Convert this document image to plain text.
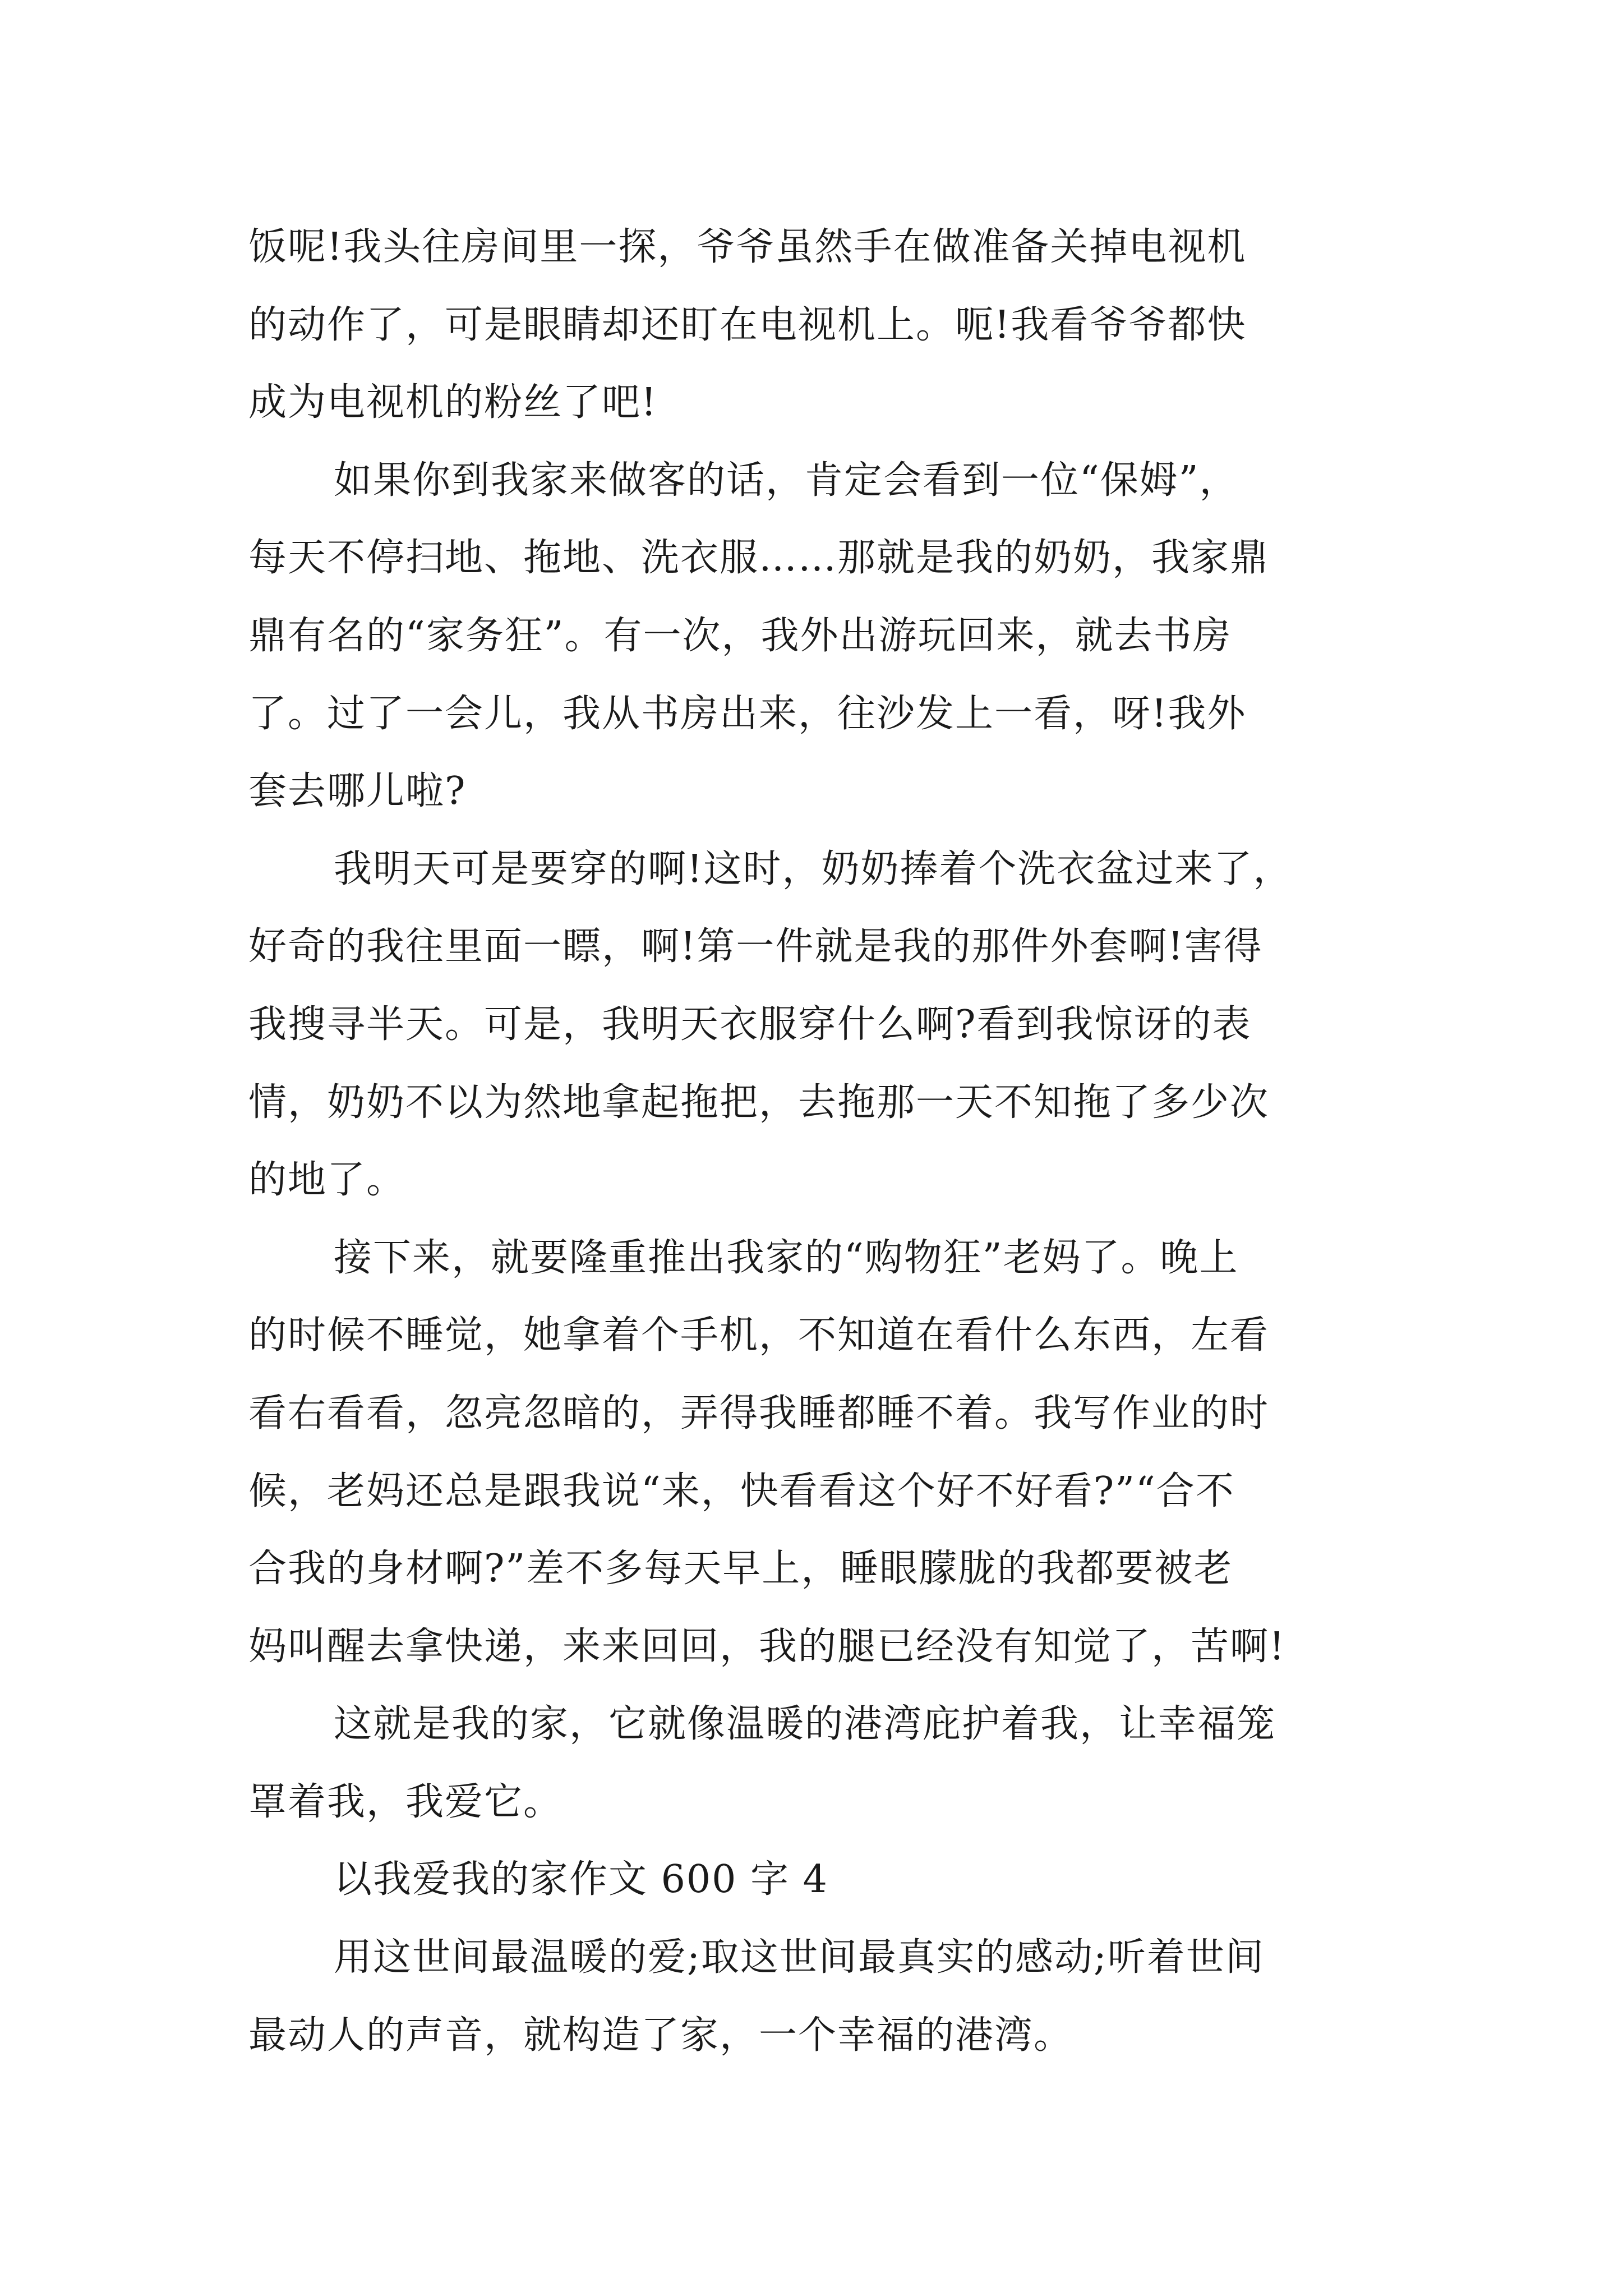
饭呢!我头往房间里一探，爷爷虽然手在做准备关掉电视机
的动作了，可是眼睛却还盯在电视机上。呃!我看爷爷都快
成为电视机的粉丝了吧!
如果你到我家来做客的话，肯定会看到一位“保姆”，
每天不停扫地、拖地、洗衣服……那就是我的奶奶，我家鼎
鼎有名的“家务狂”。有一次，我外出游玩回来，就去书房
了。过了一会儿，我从书房出来，往沙发上一看，呀!我外
套去哪儿啦?
我明天可是要穿的啊!这时，奶奶捧着个洗衣盆过来了，
好奇的我往里面一瞟，啊!第一件就是我的那件外套啊!害得
我搜寻半天。可是，我明天衣服穿什么啊?看到我惊讶的表
情，奶奶不以为然地拿起拖把，去拖那一天不知拖了多少次
的地了。
接下来，就要隆重推出我家的“购物狂”老妈了。晚上
的时候不睡觉，她拿着个手机，不知道在看什么东西，左看
看右看看，忽亮忽暗的，弄得我睡都睡不着。我写作业的时
候，老妈还总是跟我说“来，快看看这个好不好看?”“合不
合我的身材啊?”差不多每天早上，睡眼朦胧的我都要被老
妈叫醒去拿快递，来来回回，我的腿已经没有知觉了，苦啊!
这就是我的家，它就像温暖的港湾庇护着我，让幸福笼
罩着我，我爱它。
以我爱我的家作文 600 字 4
用这世间最温暖的爱;取这世间最真实的感动;听着世间
最动人的声音，就构造了家，一个幸福的港湾。
